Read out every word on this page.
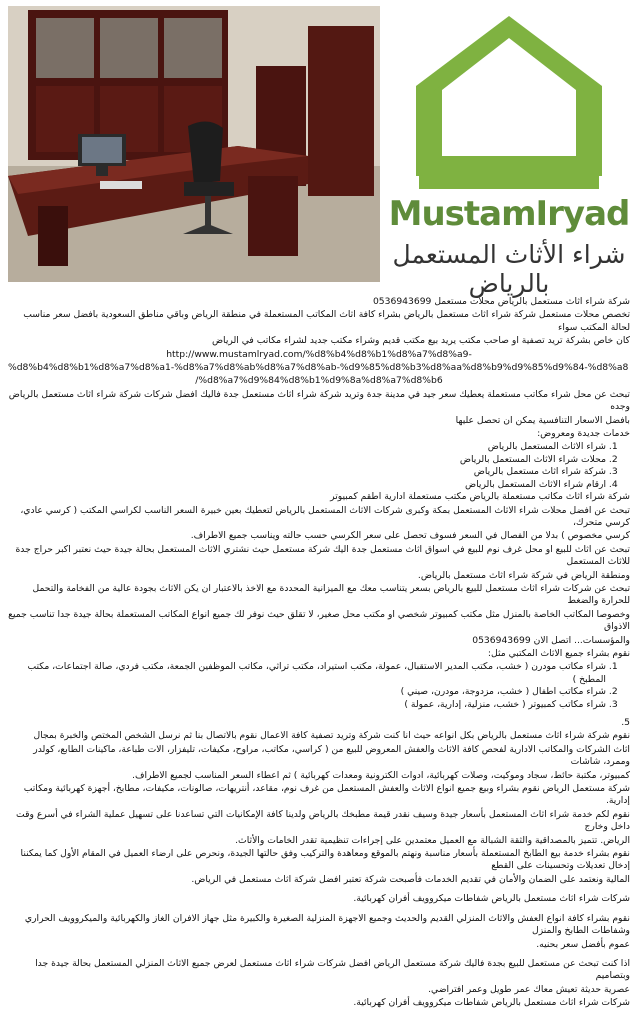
MustamIryad
شراء الأثاث المستعمل بالرياض

شركة شراء اثاث مستعمل بالرياض محلات مستعمل 0536943699

تخصص محلات مستعمل شركة شراء اثاث مستعمل بالرياض بشراء كافة اثاث المكاتب المستعملة في منطقة الرياض وباقي مناطق السعودية بافضل سعر مناسب لحالة المكتب سواء

كان خاص بشركة تريد تصفية او صاحب مكتب يريد بيع مكتب قديم وشراء مكتب جديد لشراء مكاتب في الرياض

http://www.mustamlryad.com/%d8%b4%d8%b1%d8%a7%d8%a9-

%d8%b4%d8%b1%d8%a7%d8%a1-%d8%a7%d8%ab%d8%a7%d8%ab-%d9%85%d8%b3%d8%aa%d8%b9%d9%85%d9%84-%d8%a8

/%d8%a7%d9%84%d8%b1%d9%8a%d8%a7%d8%b6

تبحث عن محل شراء مكاتب مستعملة يعطيك سعر جيد في مدينة جدة وتريد شركة شراء اثاث مستعمل جدة فاليك افضل شركات شركة شراء اثاث مستعمل بالرياض وجده

بافضل الاسعار التنافسية يمكن ان تحصل عليها

خدمات جديدة ومعروض:

1. شراء الاثاث المستعمل بالرياض
2. محلات شراء الاثاث المستعمل بالرياض
3. شركة شراء اثاث مستعمل بالرياض
4. ارقام شراء الاثاث المستعمل بالرياض

شركة شراء اثاث مكاتب مستعملة بالرياض مكتب مستعملة ادارية اطقم كمبيوتر

تبحث عن افضل محلات شراء الاثاث المستعمل بمكة وكبرى شركات الاثاث المستعمل بالرياض لتعطيك بعين خبيرة السعر الناسب لكراسي المكتب ( كرسي عادي، كرسي متحرك،

كرسي مخصوص ) بدلا من الفصال في السعر فسوف تحصل على سعر الكرسي حسب حالته ويناسب جميع الاطراف.

تبحث عن اثاث للبيع او محل غرف نوم للبيع في اسواق اثاث مستعمل جدة اليك شركة مستعمل حيث نشتري الاثاث المستعمل بحالة جيدة حيث نعتبر اكبر حراج جدة للاثاث المستعمل

ومنطقة الرياض في شركة شراء اثاث مستعمل بالرياض.

تبحث عن شركات شراء اثاث مستعمل للبيع بالرياض بسعر يتناسب معك مع الميزانية المحددة مع الاخذ بالاعتبار ان يكن الاثاث بجودة عالية من الفخامة والتحمل للحرارة والضغط

وخصوصا المكاتب الخاصة بالمنزل مثل مكتب كمبيوتر شخصي او مكتب محل صغير، لا تقلق حيث نوفر لك جميع انواع المكاتب المستعملة بحالة جيدة جدا تناسب جميع الاذواق

والمؤسسات... اتصل الان 0536943699

نقوم بشراء جميع الاثاث المكتبي مثل:

1. شراء مكاتب مودرن ( خشب، مكتب المدير الاستقبال، عمولة، مكتب استيراد، مكتب تراثي، مكاتب الموظفين الجمعة، مكتب فردي، صالة اجتماعات، مكتب المطبخ )
2. شراء مكاتب اطفال ( خشب، مزدوجة، مودرن، صيني )
3. شراء مكاتب كمبيوتر ( خشب، منزلية، إدارية، عمولة )

5.

نقوم شركة شراء اثاث مستعمل بالرياض بكل انواعه حيث انا كنت شركة وتريد تصفية كافة الاعمال نقوم بالاتصال بنا ثم نرسل الشخص المختص والخبرة بمجال

اثاث الشركات والمكاتب الادارية لفحص كافة الاثاث والعفش المعروض للبيع من ( كراسي، مكاتب، مراوح، مكيفات، تليفزار، الات طباعة، ماكينات الطابع، كولدر وممرد، شاشات

كمبيوتر، مكتبة حائط، سجاد وموكيت، وصلات كهربائية، ادوات الكترونية ومعدات كهربائية ) ثم اعطاء السعر المناسب لجميع الاطراف.

شركة مستعمل الرياض نقوم بشراء وبيع جميع انواع الاثاث والعفش المستعمل من غرف نوم، مقاعد، أنتريهات، صالونات، مكيفات، مطابخ، أجهزة كهربائية ومكاتب إدارية.

نقوم لكم خدمة شراء اثاث المستعمل بأسعار جيدة وسيف نقدر قيمة مطبخك بالرياض ولدينا كافة الإمكانيات التي تساعدنا على تسهيل عملية الشراء في أسرع وقت داخل وخارج

الرياض. تتميز بالمصداقية والثقة الشبالة مع العميل معتمدين على إجراءات تنظيمية تقدر الخامات والأثاث.

نقوم بشراء خدمة بيع الطابخ المستعملة بأسعار مناسبة ونهتم بالموقع ومعاهدة والتركيب وفق حالتها الجيدة، ونحرص على ارضاء العميل في المقام الأول كما يمكننا إدخال تعديلات وتحسينات على القطع

المالية ونعتمد على الضمان والأمان في تقديم الخدمات فأصبحت شركة تعتبر افضل شركة اثاث مستعمل في الرياض.

شركات شراء اثاث مستعمل بالرياض شفاطات ميكروويف أفران كهربائية.

نقوم بشراء كافة انواع العفش والاثاث المنزلي القديم والحديث وجميع الاجهزة المنزلية الصغيرة والكبيرة مثل جهاز الافران الغاز والكهربائية والميكروويف الحراري وشفاطات الطابخ والمنزل

عموم بأفضل سعر بحنيه.

اذا كنت تبحث عن مستعمل للبيع بجدة فاليك شركة مستعمل الرياض افضل شركات شراء اثاث مستعمل لعرض جميع الاثاث المنزلي المستعمل بحالة جيدة جدا وبتصاميم

عصرية حديثة تعيش معاك عمر طويل وعمر افتراضي.

شركات شراء اثاث مستعمل بالرياض شفاطات ميكروويف أفران كهربائية.
